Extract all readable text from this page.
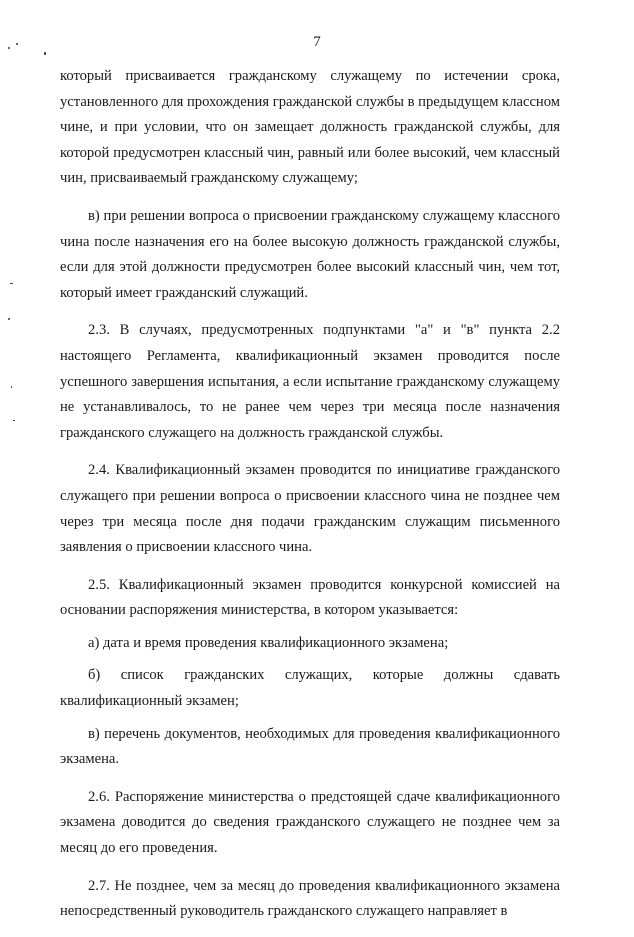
7

который присваивается гражданскому служащему по истечении срока, установленного для прохождения гражданской службы в предыдущем классном чине, и при условии, что он замещает должность гражданской службы, для которой предусмотрен классный чин, равный или более высокий, чем классный чин, присваиваемый гражданскому служащему;

в) при решении вопроса о присвоении гражданскому служащему классного чина после назначения его на более высокую должность гражданской службы, если для этой должности предусмотрен более высокий классный чин, чем тот, который имеет гражданский служащий.

2.3. В случаях, предусмотренных подпунктами "а" и "в" пункта 2.2 настоящего Регламента, квалификационный экзамен проводится после успешного завершения испытания, а если испытание гражданскому служащему не устанавливалось, то не ранее чем через три месяца после назначения гражданского служащего на должность гражданской службы.

2.4. Квалификационный экзамен проводится по инициативе гражданского служащего при решении вопроса о присвоении классного чина не позднее чем через три месяца после дня подачи гражданским служащим письменного заявления о присвоении классного чина.

2.5. Квалификационный экзамен проводится конкурсной комиссией на основании распоряжения министерства, в котором указывается:

а) дата и время проведения квалификационного экзамена;

б) список гражданских служащих, которые должны сдавать квалификационный экзамен;

в) перечень документов, необходимых для проведения квалификационного экзамена.

2.6. Распоряжение министерства о предстоящей сдаче квалификационного экзамена доводится до сведения гражданского служащего не позднее чем за месяц до его проведения.

2.7. Не позднее, чем за месяц до проведения квалификационного экзамена непосредственный руководитель гражданского служащего направляет в
